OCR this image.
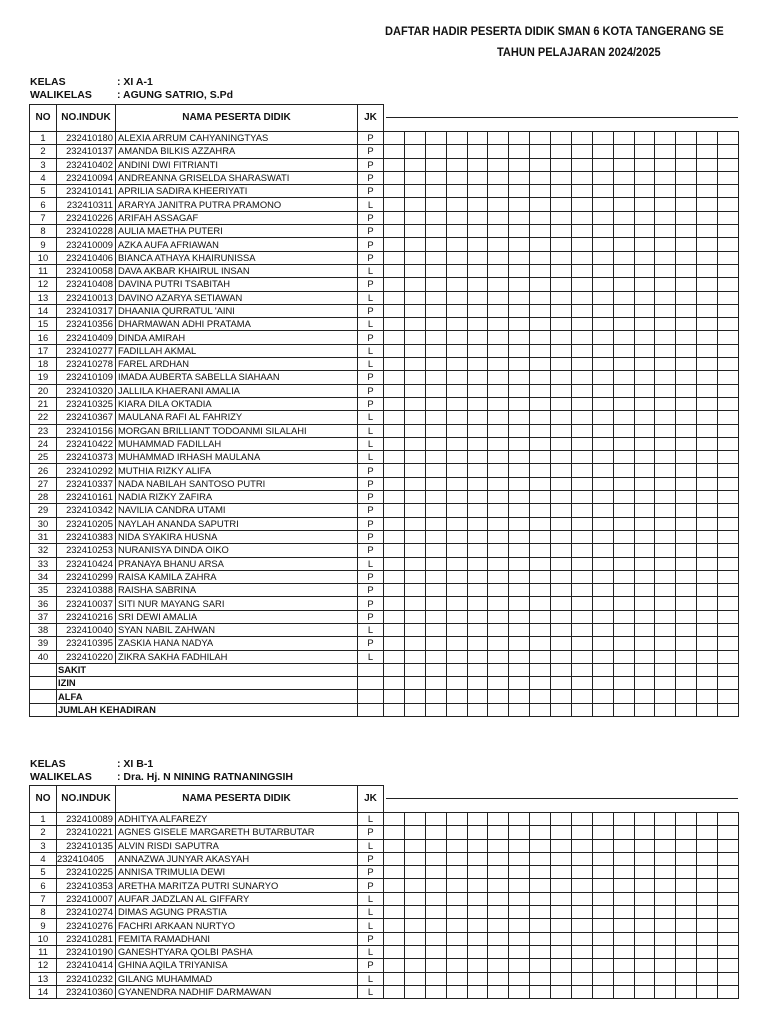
DAFTAR HADIR PESERTA DIDIK SMAN 6 KOTA TANGERANG SE
TAHUN PELAJARAN 2024/2025
KELAS	: XI A-1
WALIKELAS : AGUNG SATRIO, S.Pd
NO	NO.INDUK	NAMA PESERTA DIDIK	JK																	

1	232410180	ALEXIA ARRUM CAHYANINGTYAS	P																	
2	232410137	AMANDA BILKIS AZZAHRA	P																	
3	232410402	ANDINI DWI FITRIANTI	P																	
4	232410094	ANDREANNA GRISELDA SHARASWATI	P																	
5	232410141	APRILIA SADIRA KHEERIYATI	P																	
6	232410311	ARARYA JANITRA PUTRA PRAMONO	L																	
7	232410226	ARIFAH ASSAGAF	P																	
8	232410228	AULIA MAETHA PUTERI	P																	
9	232410009	AZKA AUFA AFRIAWAN	P																	
10	232410406	BIANCA ATHAYA KHAIRUNISSA	P																	
11	232410058	DAVA AKBAR KHAIRUL INSAN	L																	
12	232410408	DAVINA PUTRI TSABITAH	P																	
13	232410013	DAVINO AZARYA SETIAWAN	L																	
14	232410317	DHAANIA QURRATUL 'AINI	P																	
15	232410356	DHARMAWAN ADHI PRATAMA	L																	
16	232410409	DINDA AMIRAH	P																	
17	232410277	FADILLAH AKMAL	L																	
18	232410278	FAREL ARDHAN	L																	
19	232410109	IMADA AUBERTA SABELLA SIAHAAN	P																	
20	232410320	JALLILA KHAERANI AMALIA	P																	
21	232410325	KIARA DILA OKTADIA	P																	
22	232410367	MAULANA RAFI AL FAHRIZY	L																	
23	232410156	MORGAN BRILLIANT TODOANMI SILALAHI	L																	
24	232410422	MUHAMMAD FADILLAH	L																	
25	232410373	MUHAMMAD IRHASH MAULANA	L																	
26	232410292	MUTHIA RIZKY ALIFA	P																	
27	232410337	NADA NABILAH SANTOSO PUTRI	P																	
28	232410161	NADIA RIZKY ZAFIRA	P																	
29	232410342	NAVILIA CANDRA UTAMI	P																	
30	232410205	NAYLAH ANANDA SAPUTRI	P																	
31	232410383	NIDA SYAKIRA HUSNA	P																	
32	232410253	NURANISYA DINDA OIKO	P																	
33	232410424	PRANAYA BHANU ARSA	L																	
34	232410299	RAISA KAMILA ZAHRA	P																	
35	232410388	RAISHA SABRINA	P																	
36	232410037	SITI NUR MAYANG SARI	P																	
37	232410216	SRI DEWI AMALIA	P																	
38	232410040	SYAN NABIL ZAHWAN	L																	
39	232410395	ZASKIA HANA NADYA	P																	
40	232410220	ZIKRA SAKHA FADHILAH	L																	
	SAKIT																			
	IZIN																			
	ALFA																			
	JUMLAH KEHADIRAN																			
KELAS	: XI B-1
WALIKELAS : Dra. Hj. N NINING RATNANINGSIH
NO	NO.INDUK	NAMA PESERTA DIDIK	JK																	

1	232410089	ADHITYA ALFAREZY	L																	
2	232410221	AGNES GISELE MARGARETH BUTARBUTAR	P																	
3	232410135	ALVIN RISDI SAPUTRA	L																	
4	232410405	ANNAZWA JUNYAR AKASYAH	P																	
5	232410225	ANNISA TRIMULIA DEWI	P																	
6	232410353	ARETHA MARITZA PUTRI SUNARYO	P																	
7	232410007	AUFAR JADZLAN AL GIFFARY	L																	
8	232410274	DIMAS AGUNG PRASTIA	L																	
9	232410276	FACHRI ARKAAN NURTYO	L																	
10	232410281	FEMITA RAMADHANI	P																	
11	232410190	GANESHTYARA QOLBI PASHA	L																	
12	232410414	GHINA AQILA TRIYANISA	P																	
13	232410232	GILANG MUHAMMAD	L																	
14	232410360	GYANENDRA NADHIF DARMAWAN	L																	
